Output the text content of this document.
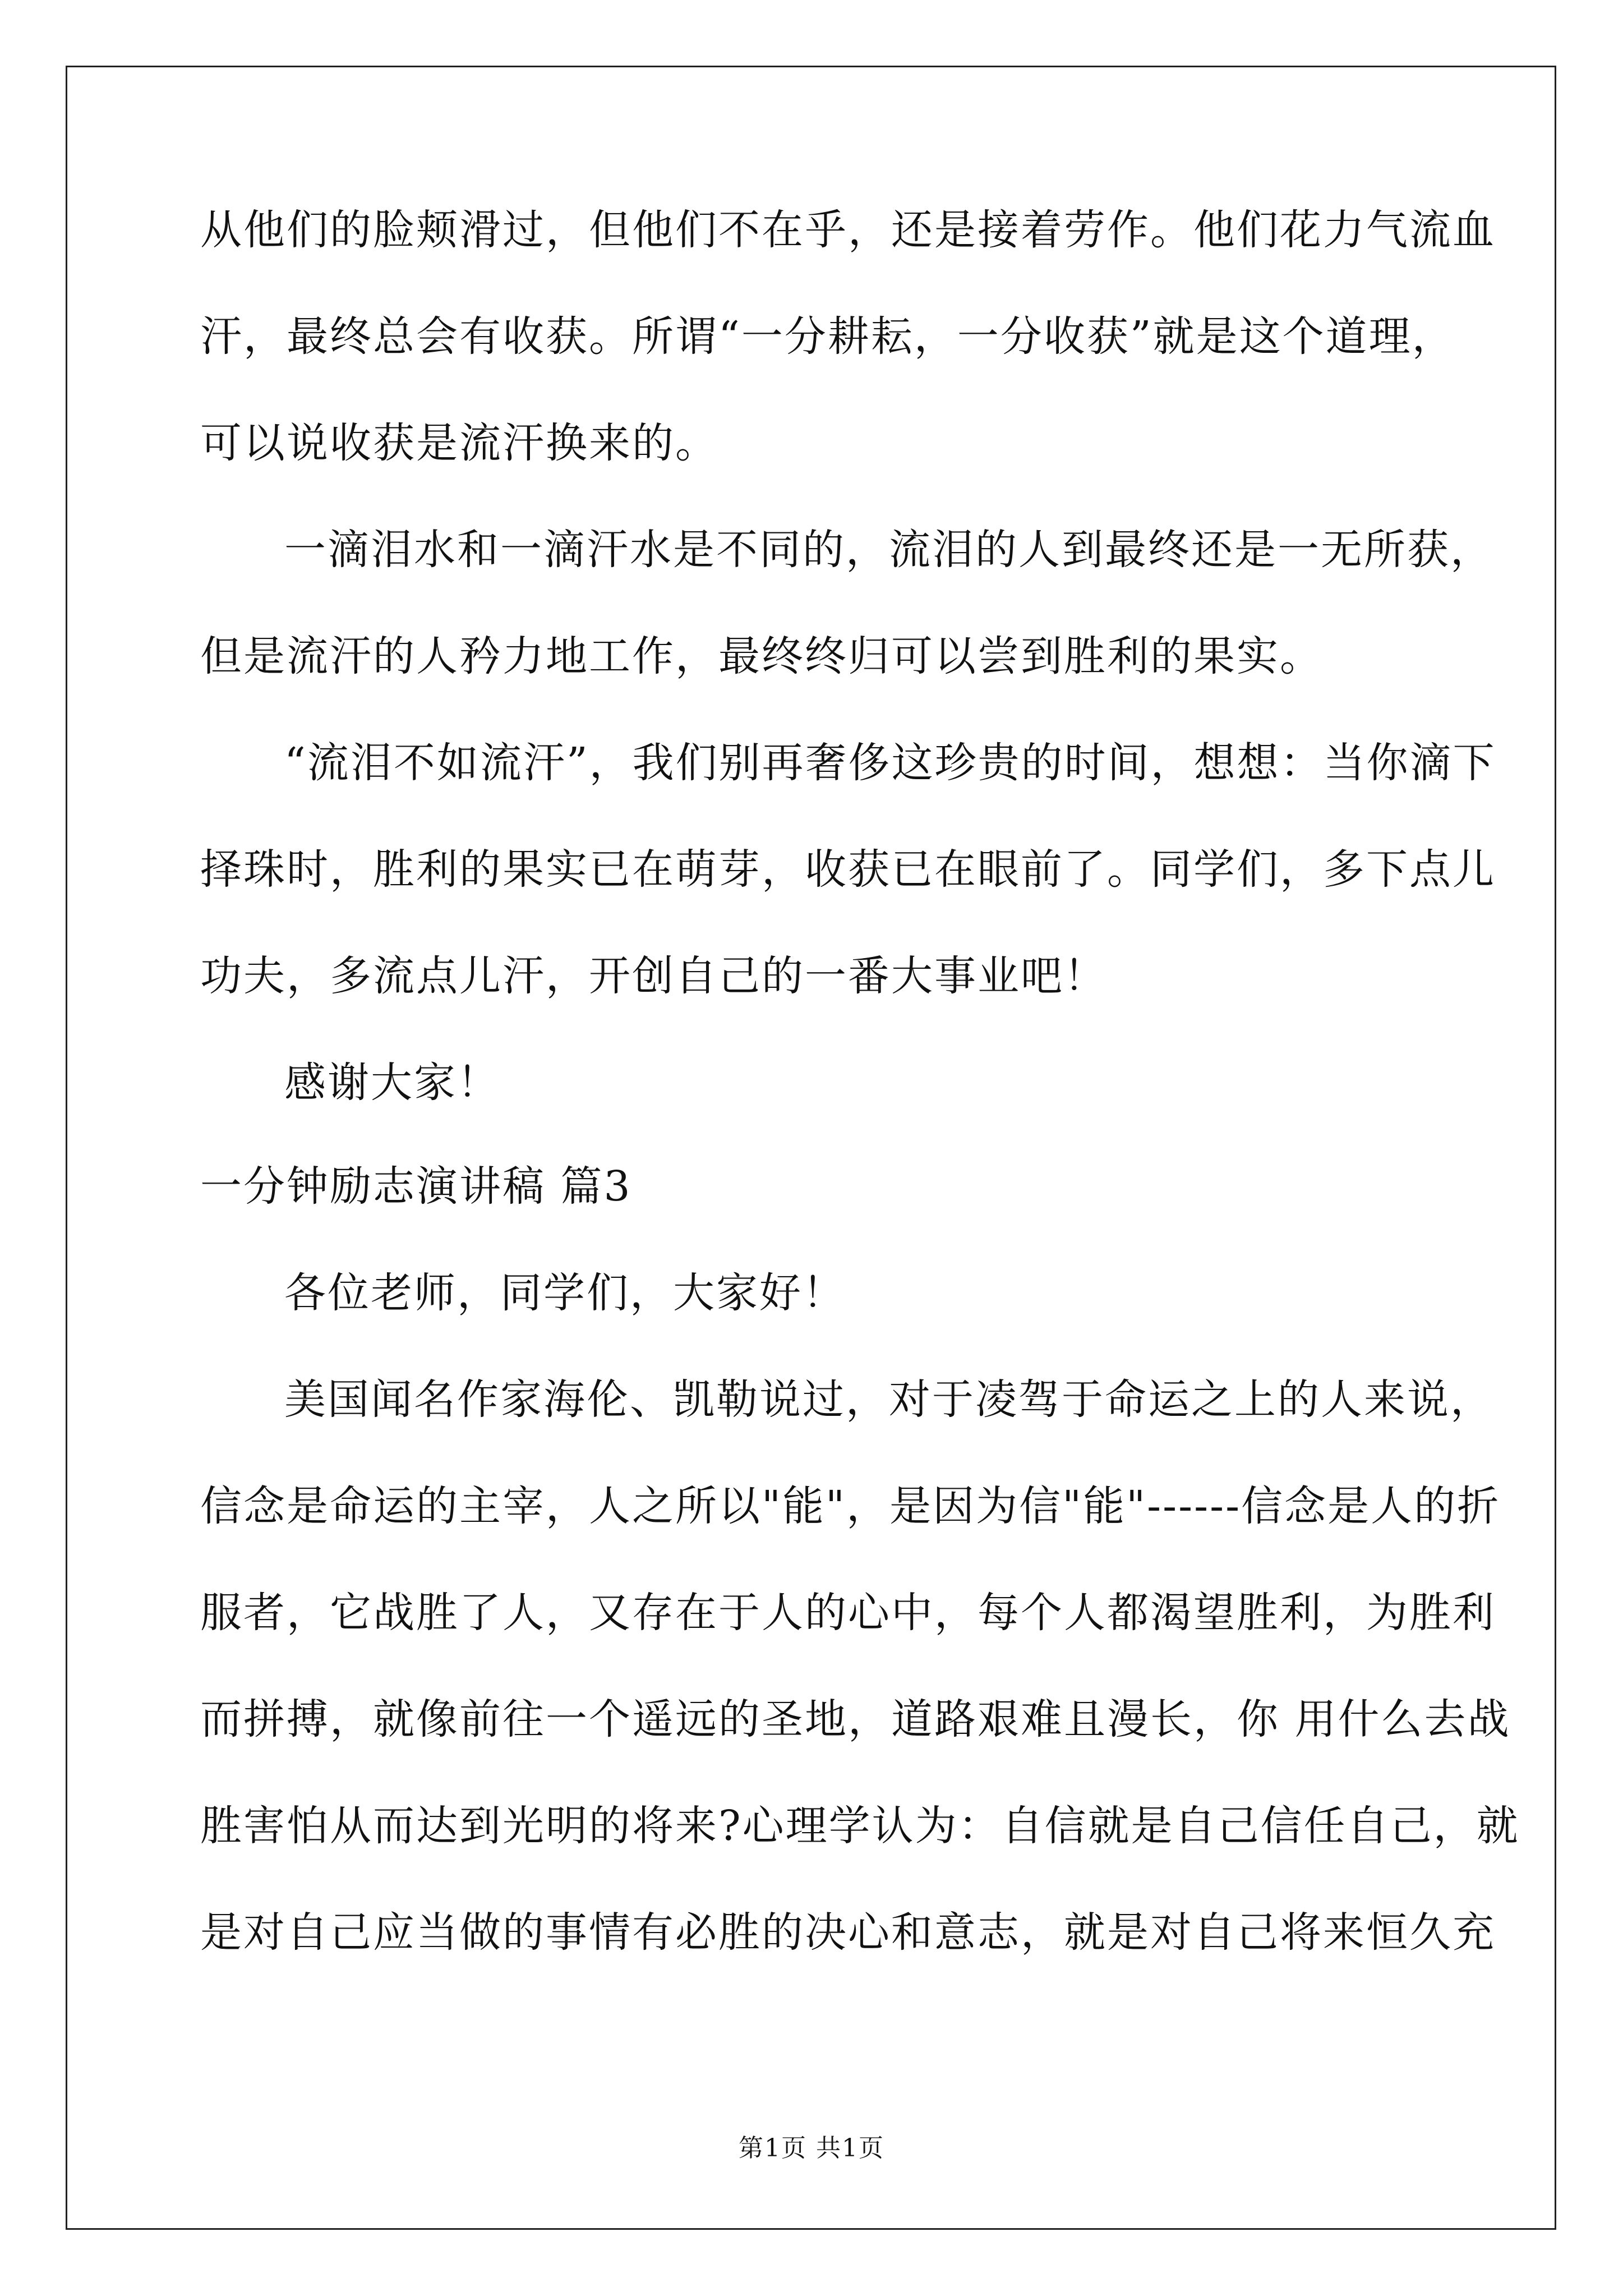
从他们的脸颊滑过，但他们不在乎，还是接着劳作。他们花力气流血
汗，最终总会有收获。所谓“一分耕耘，一分收获”就是这个道理，
可以说收获是流汗换来的。
一滴泪水和一滴汗水是不同的，流泪的人到最终还是一无所获，
但是流汗的人矜力地工作，最终终归可以尝到胜利的果实。
“流泪不如流汗”，我们别再奢侈这珍贵的时间，想想：当你滴下
择珠时，胜利的果实已在萌芽，收获已在眼前了。同学们，多下点儿
功夫，多流点儿汗，开创自己的一番大事业吧！
感谢大家！
一分钟励志演讲稿 篇3
各位老师，同学们，大家好！
美国闻名作家海伦、凯勒说过，对于凌驾于命运之上的人来说，
信念是命运的主宰，人之所以"能"，是因为信"能"------信念是人的折
服者，它战胜了人，又存在于人的心中，每个人都渴望胜利，为胜利
而拼搏，就像前往一个遥远的圣地，道路艰难且漫长，你 用什么去战
胜害怕从而达到光明的将来?心理学认为：自信就是自己信任自己，就
是对自己应当做的事情有必胜的决心和意志，就是对自己将来恒久充
第1页 共1页
